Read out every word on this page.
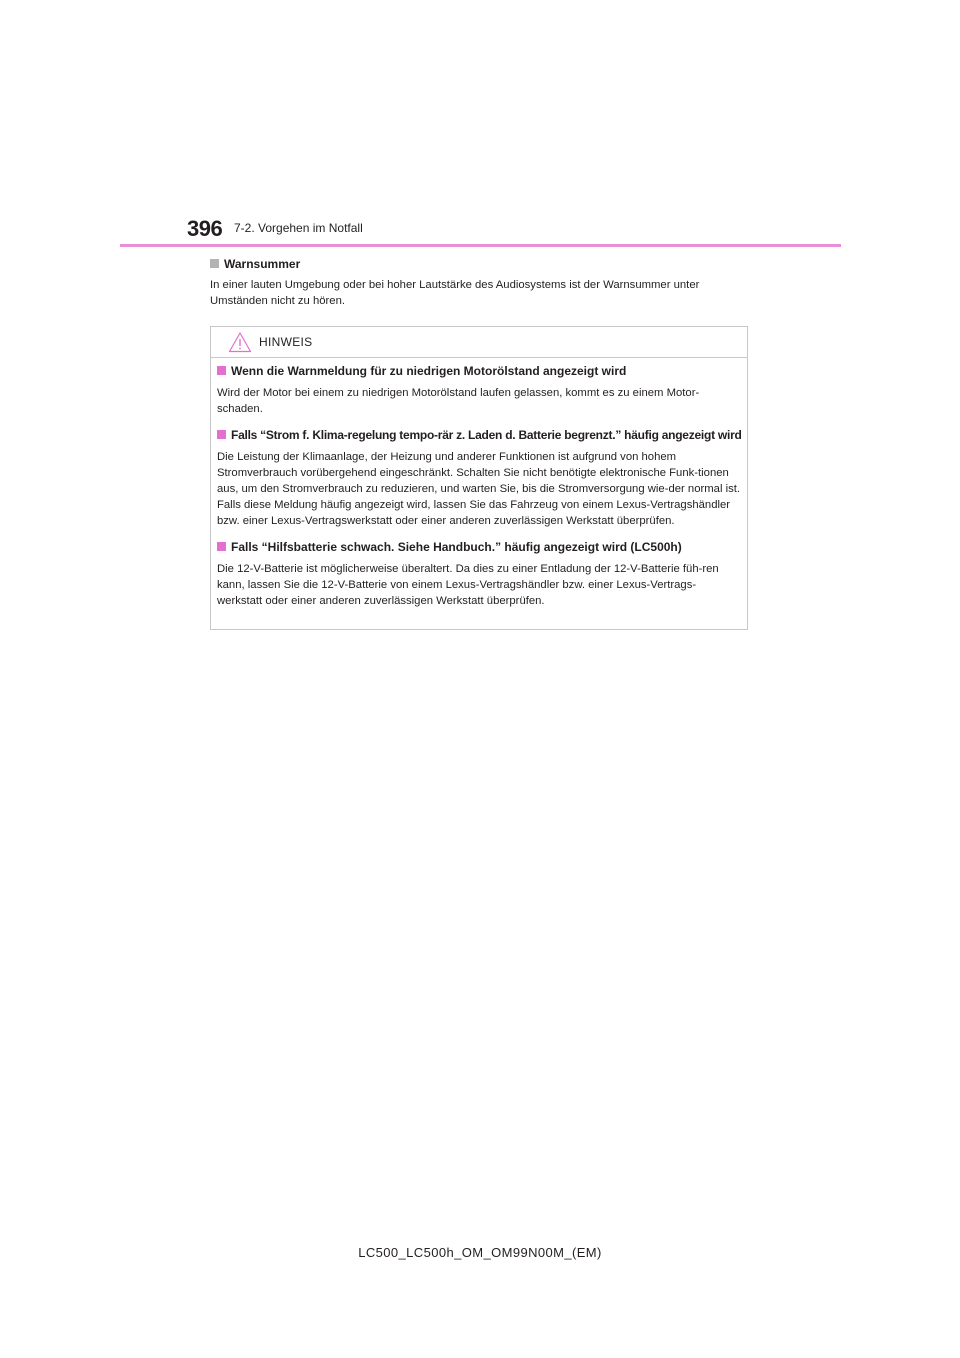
396 7-2. Vorgehen im Notfall
Warnsummer

In einer lauten Umgebung oder bei hoher Lautstärke des Audiosystems ist der Warnsummer unter Umständen nicht zu hören.

HINWEIS
Wenn die Warnmeldung für zu niedrigen Motorölstand angezeigt wird

Wird der Motor bei einem zu niedrigen Motorölstand laufen gelassen, kommt es zu einem Motor-schaden.

Falls “Strom f. Klima-regelung tempo-rär z. Laden d. Batterie begrenzt.” häufig angezeigt wird

Die Leistung der Klimaanlage, der Heizung und anderer Funktionen ist aufgrund von hohem Stromverbrauch vorübergehend eingeschränkt. Schalten Sie nicht benötigte elektronische Funk-tionen aus, um den Stromverbrauch zu reduzieren, und warten Sie, bis die Stromversorgung wie-der normal ist. Falls diese Meldung häufig angezeigt wird, lassen Sie das Fahrzeug von einem Lexus-Vertragshändler bzw. einer Lexus-Vertragswerkstatt oder einer anderen zuverlässigen Werkstatt überprüfen.

Falls “Hilfsbatterie schwach. Siehe Handbuch.” häufig angezeigt wird (LC500h)

Die 12-V-Batterie ist möglicherweise überaltert. Da dies zu einer Entladung der 12-V-Batterie füh-ren kann, lassen Sie die 12-V-Batterie von einem Lexus-Vertragshändler bzw. einer Lexus-Vertrags-werkstatt oder einer anderen zuverlässigen Werkstatt überprüfen.

LC500_LC500h_OM_OM99N00M_(EM)
